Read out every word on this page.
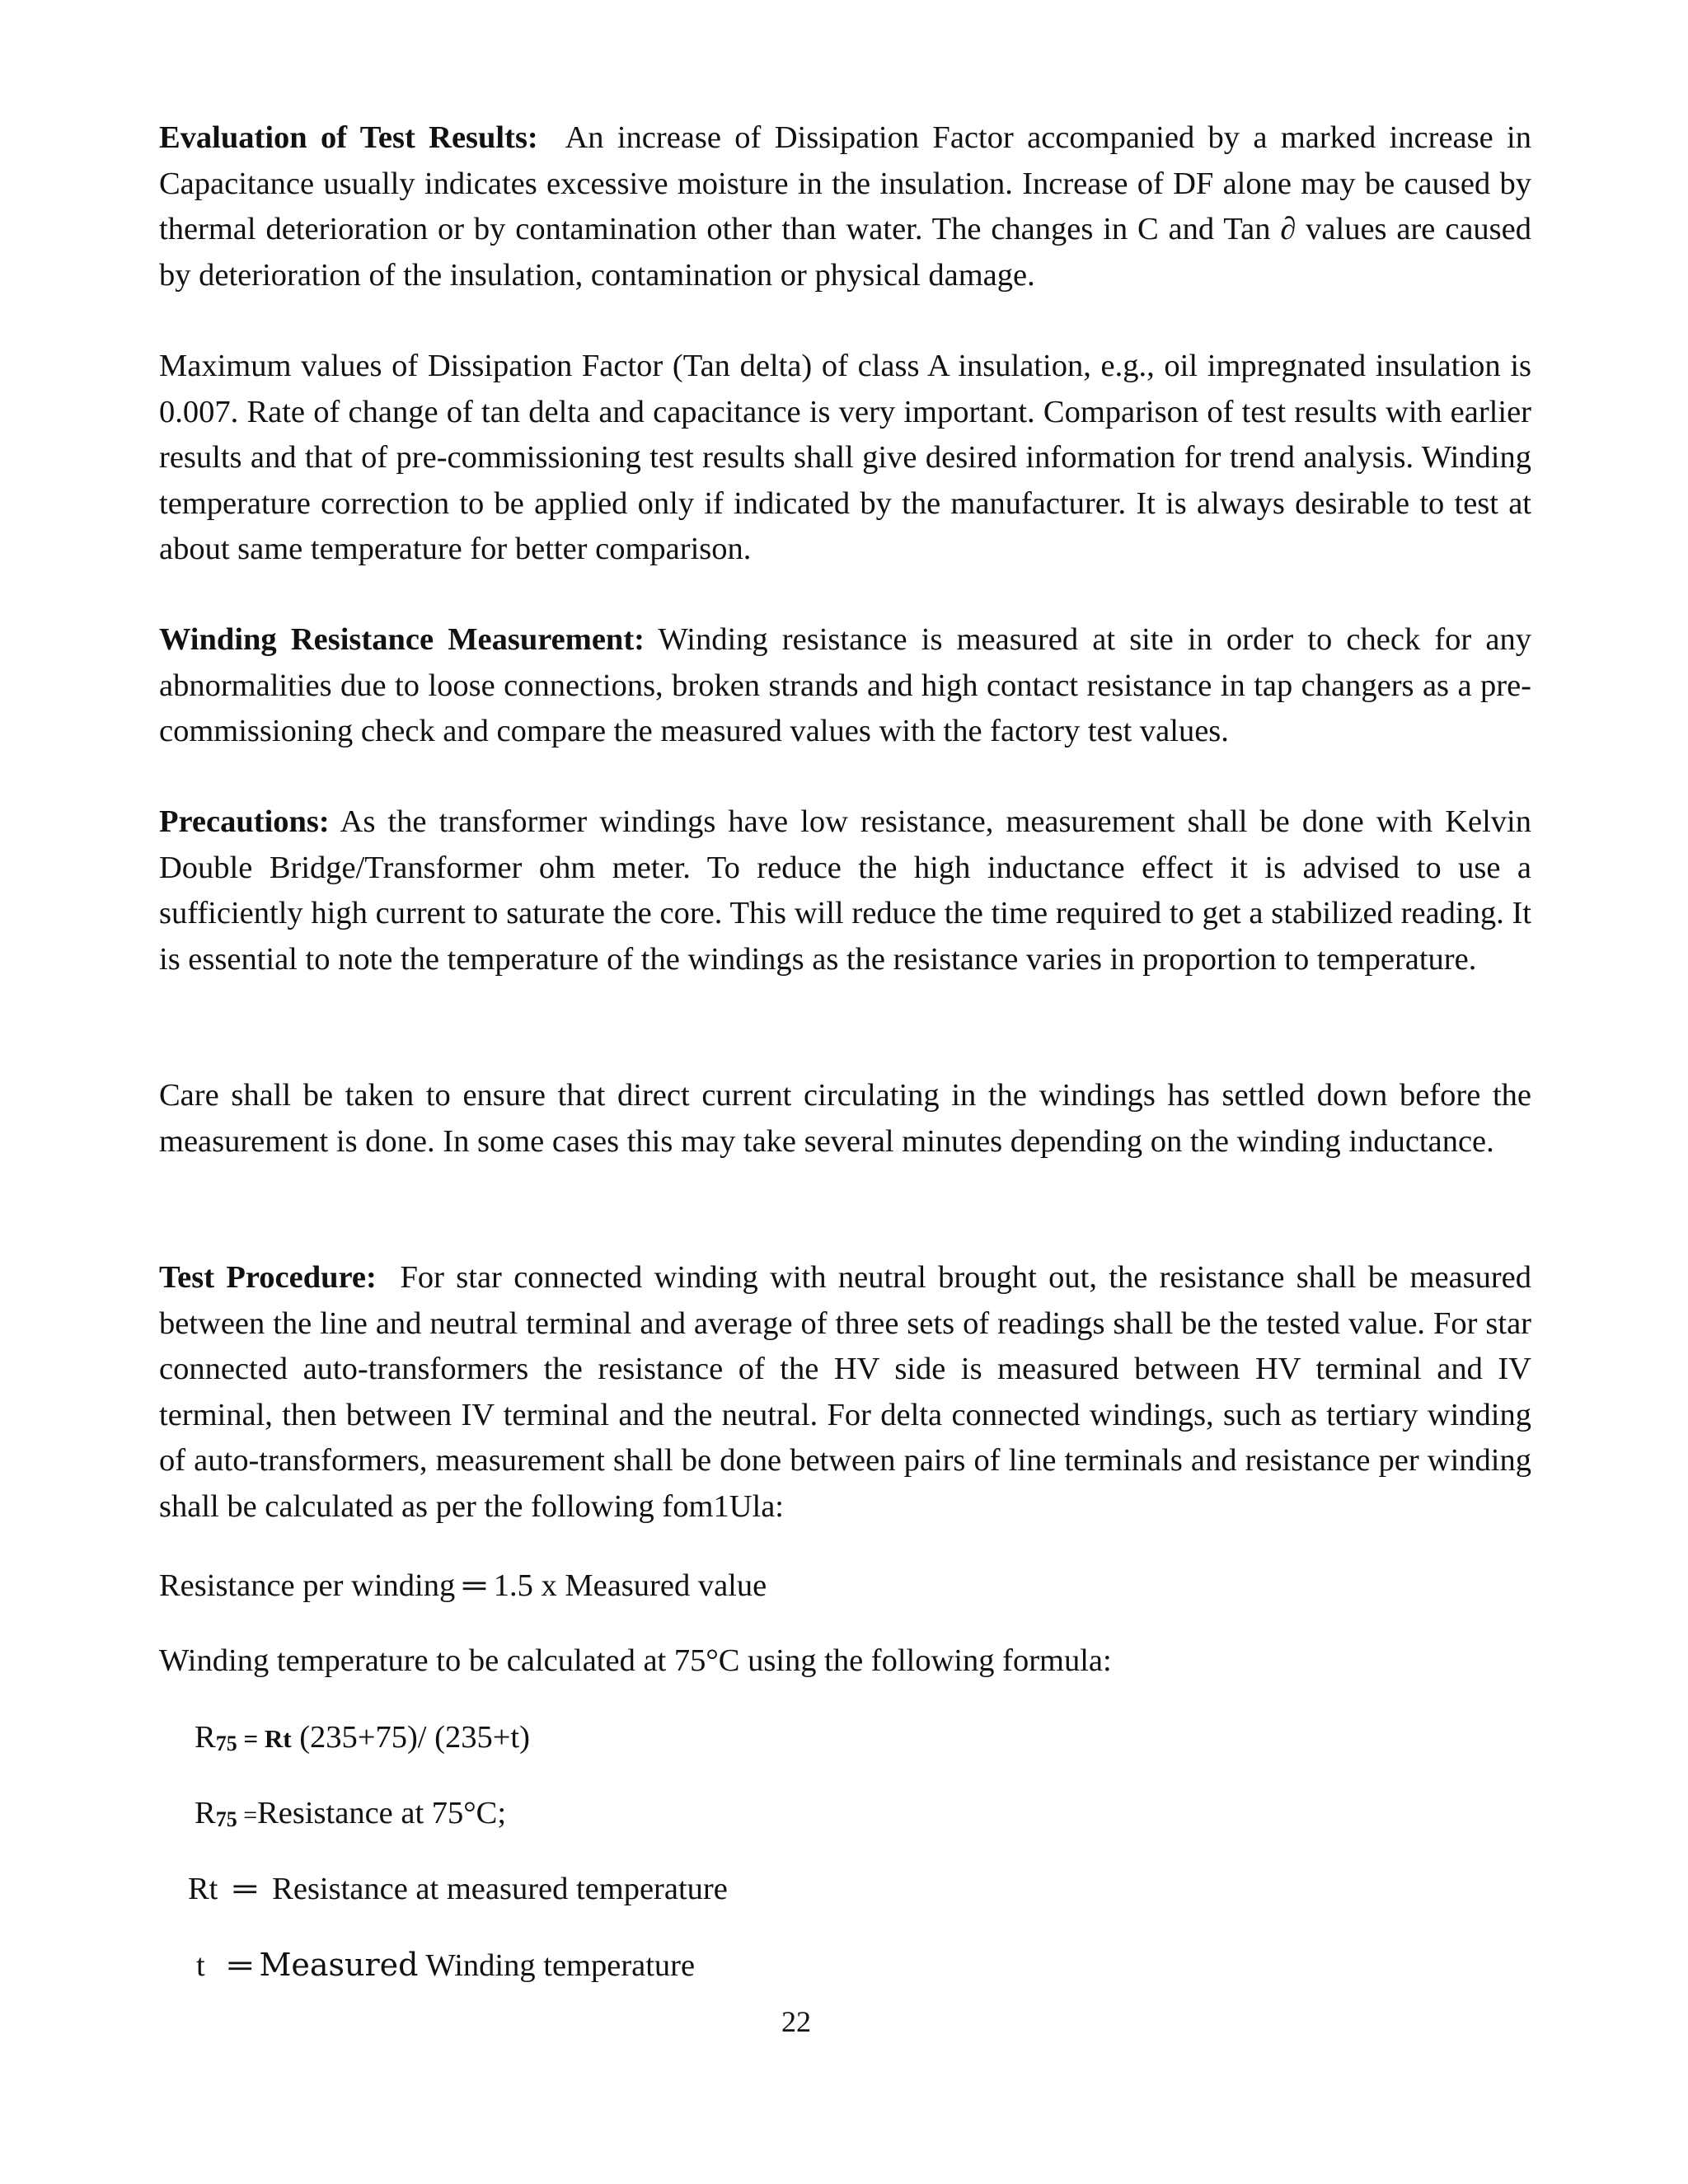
Evaluation of Test Results: An increase of Dissipation Factor accompanied by a marked increase in Capacitance usually indicates excessive moisture in the insulation. Increase of DF alone may be caused by thermal deterioration or by contamination other than water. The changes in C and Tan ∂ values are caused by deterioration of the insulation, contamination or physical damage.

Maximum values of Dissipation Factor (Tan delta) of class A insulation, e.g., oil impregnated insulation is 0.007. Rate of change of tan delta and capacitance is very important. Comparison of test results with earlier results and that of pre-commissioning test results shall give desired information for trend analysis. Winding temperature correction to be applied only if indicated by the manufacturer. It is always desirable to test at about same temperature for better comparison.

Winding Resistance Measurement: Winding resistance is measured at site in order to check for any abnormalities due to loose connections, broken strands and high contact resistance in tap changers as a pre-commissioning check and compare the measured values with the factory test values.

Precautions: As the transformer windings have low resistance, measurement shall be done with Kelvin Double Bridge/Transformer ohm meter. To reduce the high inductance effect it is advised to use a sufficiently high current to saturate the core. This will reduce the time required to get a stabilized reading. It is essential to note the temperature of the windings as the resistance varies in proportion to temperature.

Care shall be taken to ensure that direct current circulating in the windings has settled down before the measurement is done. In some cases this may take several minutes depending on the winding inductance.

Test Procedure: For star connected winding with neutral brought out, the resistance shall be measured between the line and neutral terminal and average of three sets of readings shall be the tested value. For star connected auto-transformers the resistance of the HV side is measured between HV terminal and IV terminal, then between IV terminal and the neutral. For delta connected windings, such as tertiary winding of auto-transformers, measurement shall be done between pairs of line terminals and resistance per winding shall be calculated as per the following fom1Ula:

Resistance per winding ═ 1.5 x Measured value
Winding temperature to be calculated at 75°C using the following formula:
R75 = Rt (235+75)/ (235+t)
R75 =Resistance at 75°C;
Rt  ═  Resistance at measured temperature
t   ═ Measured Winding temperature
22
